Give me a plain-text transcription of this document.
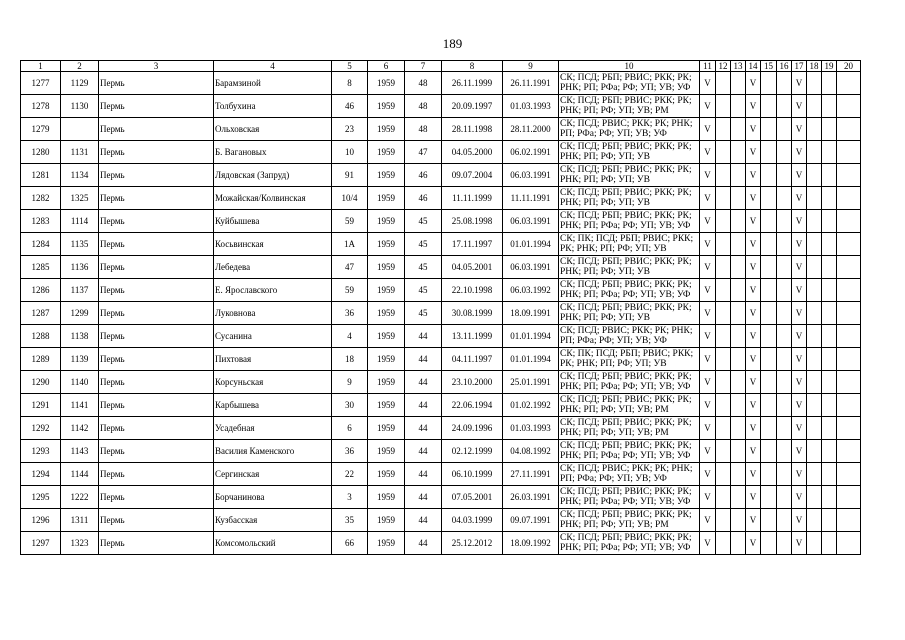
189
1	2	3	4	5	6	7	8	9	10	11	12	13	14	15	16	17	18	19	20
1277	1129	Пермь	Барамзиной	8	1959	48	26.11.1999	26.11.1991	СК; ПСД; РБП; РВИС; РКК; РК; РНК; РП; РФа; РФ; УП; УВ; УФ	V			V			V			
1278	1130	Пермь	Толбухина	46	1959	48	20.09.1997	01.03.1993	СК; ПСД; РБП; РВИС; РКК; РК; РНК; РП; РФ; УП; УВ; РМ	V			V			V			
1279		Пермь	Ольховская	23	1959	48	28.11.1998	28.11.2000	СК; ПСД; РВИС; РКК; РК; РНК; РП; РФа; РФ; УП; УВ; УФ	V			V			V			
1280	1131	Пермь	Б. Вагановых	10	1959	47	04.05.2000	06.02.1991	СК; ПСД; РБП; РВИС; РКК; РК; РНК; РП; РФ; УП; УВ	V			V			V			
1281	1134	Пермь	Лядовская (Запруд)	91	1959	46	09.07.2004	06.03.1991	СК; ПСД; РБП; РВИС; РКК; РК; РНК; РП; РФ; УП; УВ	V			V			V			
1282	1325	Пермь	Можайская/Колвинская	10/4	1959	46	11.11.1999	11.11.1991	СК; ПСД; РБП; РВИС; РКК; РК; РНК; РП; РФ; УП; УВ	V			V			V			
1283	1114	Пермь	Куйбышева	59	1959	45	25.08.1998	06.03.1991	СК; ПСД; РБП; РВИС; РКК; РК; РНК; РП; РФа; РФ; УП; УВ; УФ	V			V			V			
1284	1135	Пермь	Косьвинская	1А	1959	45	17.11.1997	01.01.1994	СК; ПК; ПСД; РБП; РВИС; РКК; РК; РНК; РП; РФ; УП; УВ	V			V			V			
1285	1136	Пермь	Лебедева	47	1959	45	04.05.2001	06.03.1991	СК; ПСД; РБП; РВИС; РКК; РК; РНК; РП; РФ; УП; УВ	V			V			V			
1286	1137	Пермь	Е. Ярославского	59	1959	45	22.10.1998	06.03.1992	СК; ПСД; РБП; РВИС; РКК; РК; РНК; РП; РФа; РФ; УП; УВ; УФ	V			V			V			
1287	1299	Пермь	Луковнова	36	1959	45	30.08.1999	18.09.1991	СК; ПСД; РБП; РВИС; РКК; РК; РНК; РП; РФ; УП; УВ	V			V			V			
1288	1138	Пермь	Сусанина	4	1959	44	13.11.1999	01.01.1994	СК; ПСД; РВИС; РКК; РК; РНК; РП; РФа; РФ; УП; УВ; УФ	V			V			V			
1289	1139	Пермь	Пихтовая	18	1959	44	04.11.1997	01.01.1994	СК; ПК; ПСД; РБП; РВИС; РКК; РК; РНК; РП; РФ; УП; УВ	V			V			V			
1290	1140	Пермь	Корсуньская	9	1959	44	23.10.2000	25.01.1991	СК; ПСД; РБП; РВИС; РКК; РК; РНК; РП; РФа; РФ; УП; УВ; УФ	V			V			V			
1291	1141	Пермь	Карбышева	30	1959	44	22.06.1994	01.02.1992	СК; ПСД; РБП; РВИС; РКК; РК; РНК; РП; РФ; УП; УВ; РМ	V			V			V			
1292	1142	Пермь	Усадебная	6	1959	44	24.09.1996	01.03.1993	СК; ПСД; РБП; РВИС; РКК; РК; РНК; РП; РФ; УП; УВ; РМ	V			V			V			
1293	1143	Пермь	Василия Каменского	36	1959	44	02.12.1999	04.08.1992	СК; ПСД; РБП; РВИС; РКК; РК; РНК; РП; РФа; РФ; УП; УВ; УФ	V			V			V			
1294	1144	Пермь	Сергинская	22	1959	44	06.10.1999	27.11.1991	СК; ПСД; РВИС; РКК; РК; РНК; РП; РФа; РФ; УП; УВ; УФ	V			V			V			
1295	1222	Пермь	Борчанинова	3	1959	44	07.05.2001	26.03.1991	СК; ПСД; РБП; РВИС; РКК; РК; РНК; РП; РФа; РФ; УП; УВ; УФ	V			V			V			
1296	1311	Пермь	Кузбасская	35	1959	44	04.03.1999	09.07.1991	СК; ПСД; РБП; РВИС; РКК; РК; РНК; РП; РФ; УП; УВ; РМ	V			V			V			
1297	1323	Пермь	Комсомольский	66	1959	44	25.12.2012	18.09.1992	СК; ПСД; РБП; РВИС; РКК; РК; РНК; РП; РФа; РФ; УП; УВ; УФ	V			V			V			
